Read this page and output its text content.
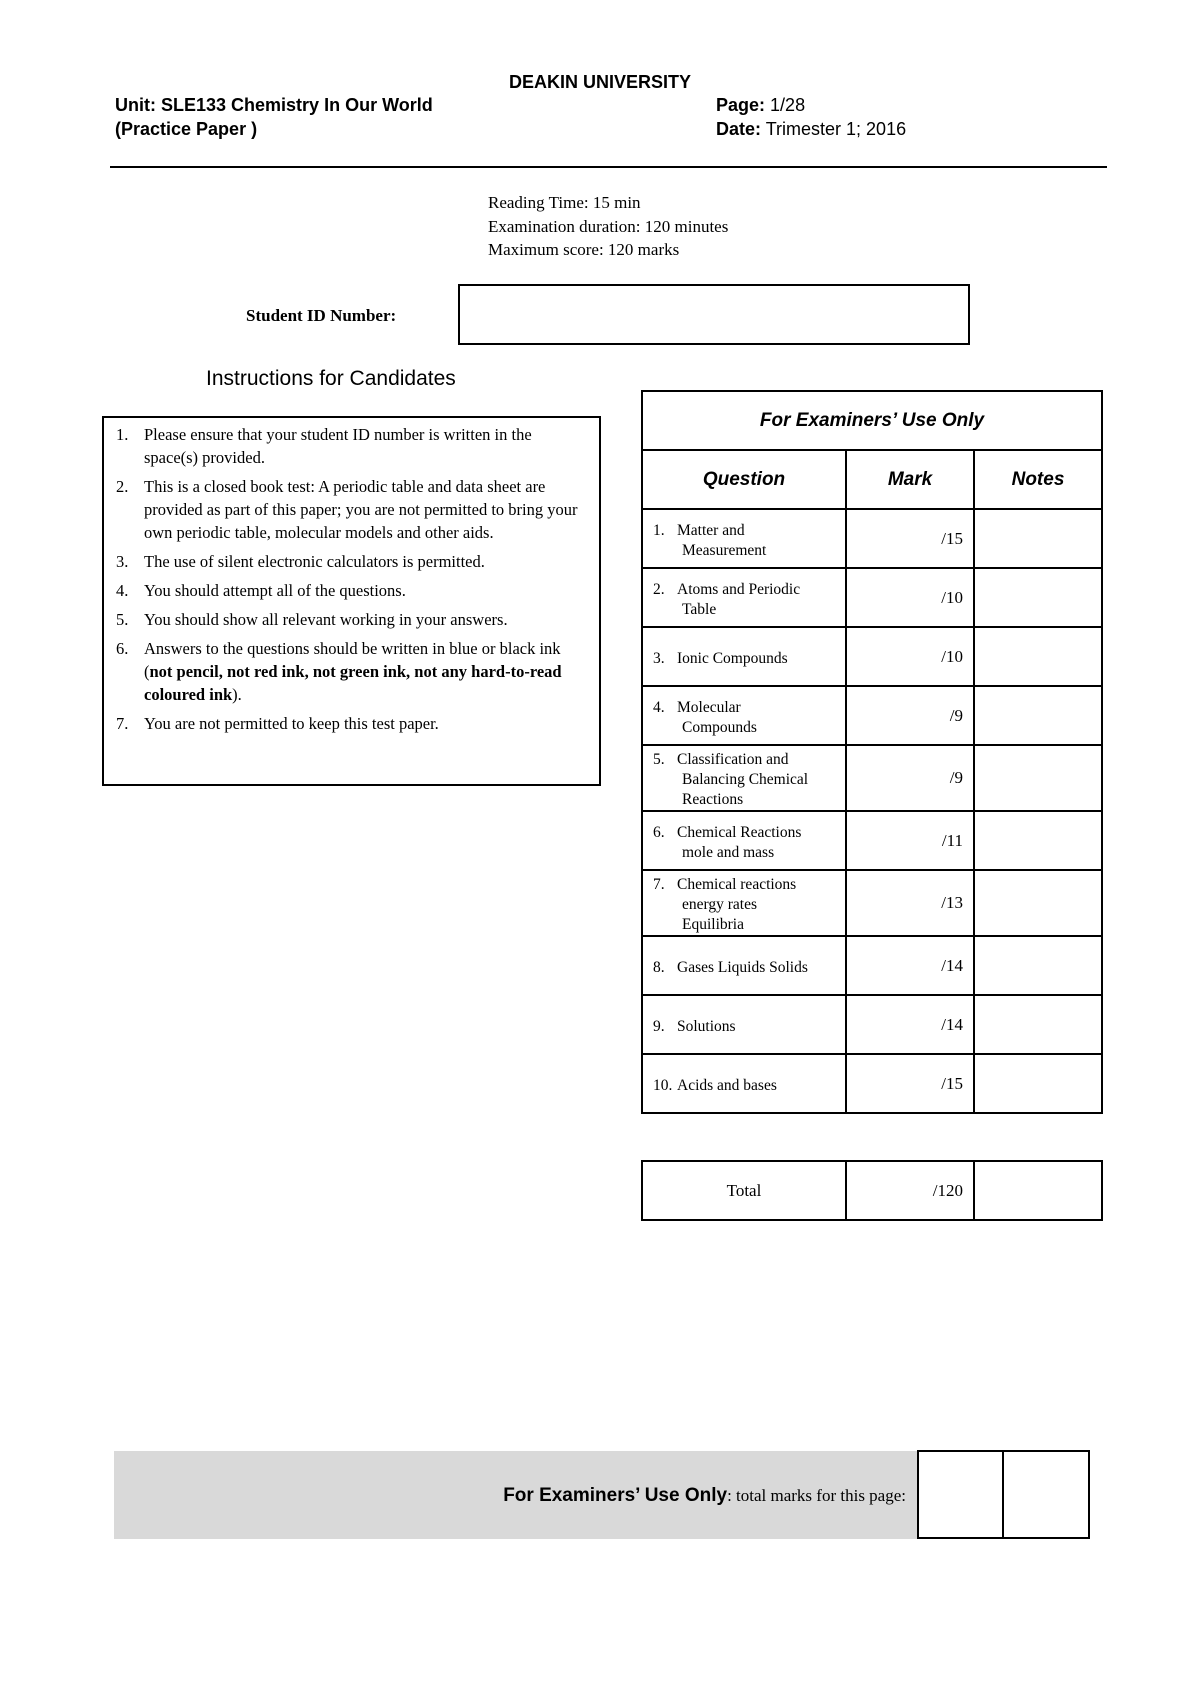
DEAKIN UNIVERSITY
Unit: SLE133 Chemistry In Our World
(Practice Paper )
Page: 1/28
Date: Trimester 1; 2016
Reading Time: 15 min
Examination duration: 120 minutes
Maximum score: 120 marks
Student ID Number:
Instructions for Candidates
1. Please ensure that your student ID number is written in the space(s) provided.
2. This is a closed book test: A periodic table and data sheet are provided as part of this paper; you are not permitted to bring your own periodic table, molecular models and other aids.
3. The use of silent electronic calculators is permitted.
4. You should attempt all of the questions.
5. You should show all relevant working in your answers.
6. Answers to the questions should be written in blue or black ink (not pencil, not red ink, not green ink, not any hard-to-read coloured ink).
7. You are not permitted to keep this test paper.
For Examiners’ Use Only		
Question	Mark	Notes

1. Matter and
Measurement	/15	

2. Atoms and Periodic
Table	/10	

3. Ionic Compounds	/10	

4. Molecular
Compounds	/9	

5. Classification and
Balancing Chemical
Reactions	/9	

6. Chemical Reactions
mole and mass	/11	

7. Chemical reactions
energy rates
Equilibria	/13	

8. Gases Liquids Solids	/14	

9. Solutions	/14	

10. Acids and bases	/15	
Total	/120	
For Examiners’ Use Only: total marks for this page:
